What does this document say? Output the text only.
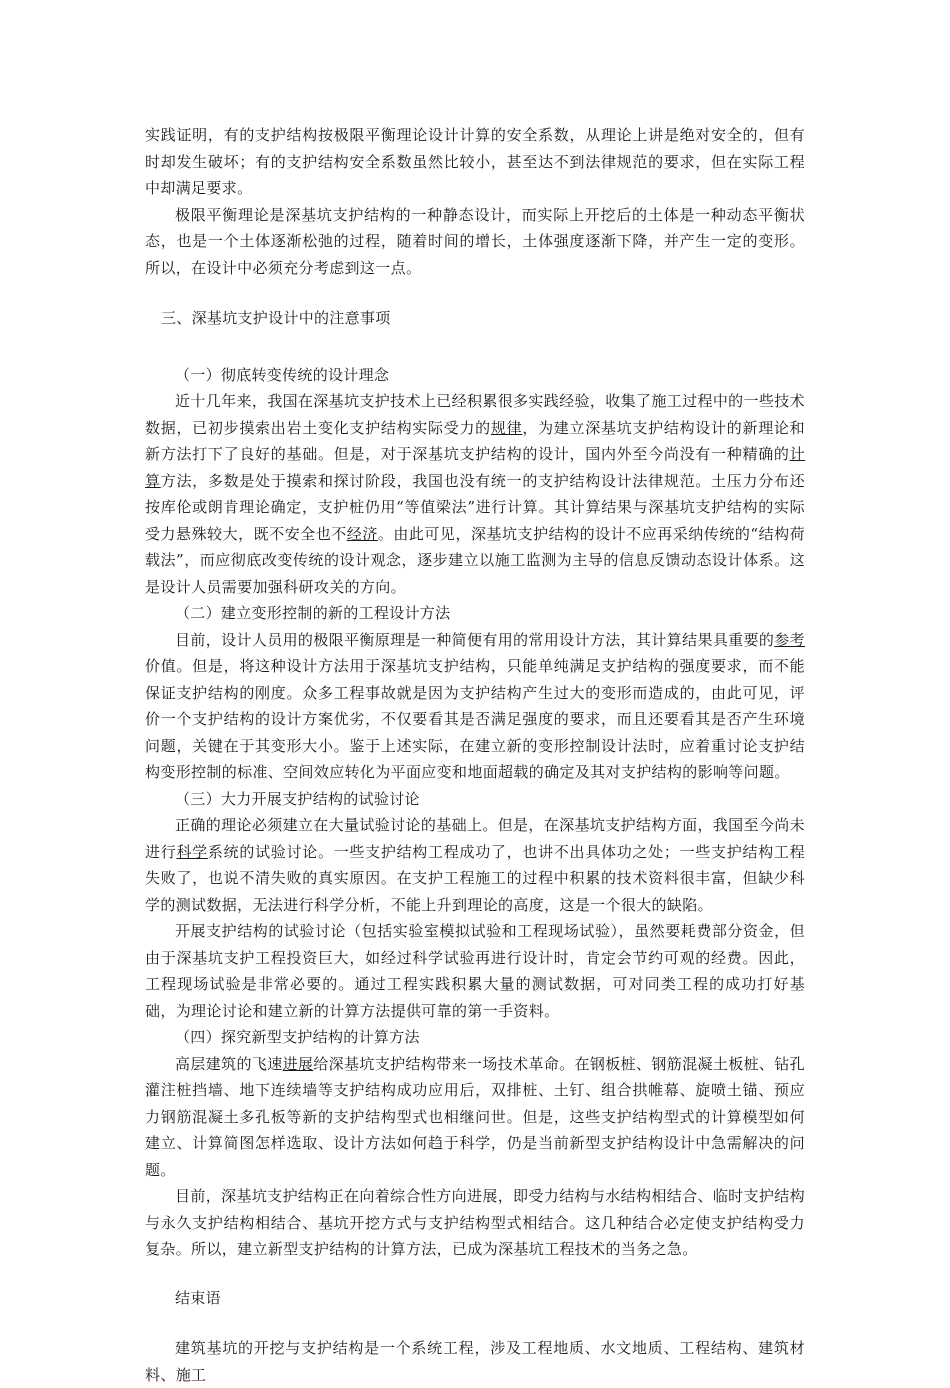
实践证明，有的支护结构按极限平衡理论设计计算的安全系数，从理论上讲是绝对安全的，但有时却发生破坏；有的支护结构安全系数虽然比较小，甚至达不到法律规范的要求，但在实际工程中却满足要求。

极限平衡理论是深基坑支护结构的一种静态设计，而实际上开挖后的土体是一种动态平衡状态，也是一个土体逐渐松弛的过程，随着时间的增长，土体强度逐渐下降，并产生一定的变形。所以，在设计中必须充分考虑到这一点。

三、深基坑支护设计中的注意事项
（一）彻底转变传统的设计理念

近十几年来，我国在深基坑支护技术上已经积累很多实践经验，收集了施工过程中的一些技术数据，已初步摸索出岩土变化支护结构实际受力的规律，为建立深基坑支护结构设计的新理论和新方法打下了良好的基础。但是，对于深基坑支护结构的设计，国内外至今尚没有一种精确的计算方法，多数是处于摸索和探讨阶段，我国也没有统一的支护结构设计法律规范。土压力分布还按库伦或朗肯理论确定，支护桩仍用“等值梁法”进行计算。其计算结果与深基坑支护结构的实际受力悬殊较大，既不安全也不经济。由此可见，深基坑支护结构的设计不应再采纳传统的“结构荷载法”，而应彻底改变传统的设计观念，逐步建立以施工监测为主导的信息反馈动态设计体系。这是设计人员需要加强科研攻关的方向。

（二）建立变形控制的新的工程设计方法

目前，设计人员用的极限平衡原理是一种简便有用的常用设计方法，其计算结果具重要的参考价值。但是，将这种设计方法用于深基坑支护结构，只能单纯满足支护结构的强度要求，而不能保证支护结构的刚度。众多工程事故就是因为支护结构产生过大的变形而造成的，由此可见，评价一个支护结构的设计方案优劣，不仅要看其是否满足强度的要求，而且还要看其是否产生环境问题，关键在于其变形大小。鉴于上述实际，在建立新的变形控制设计法时，应着重讨论支护结构变形控制的标准、空间效应转化为平面应变和地面超载的确定及其对支护结构的影响等问题。

（三）大力开展支护结构的试验讨论

正确的理论必须建立在大量试验讨论的基础上。但是，在深基坑支护结构方面，我国至今尚未进行科学系统的试验讨论。一些支护结构工程成功了，也讲不出具体功之处；一些支护结构工程失败了，也说不清失败的真实原因。在支护工程施工的过程中积累的技术资料很丰富，但缺少科学的测试数据，无法进行科学分析，不能上升到理论的高度，这是一个很大的缺陷。

开展支护结构的试验讨论（包括实验室模拟试验和工程现场试验），虽然要耗费部分资金，但由于深基坑支护工程投资巨大，如经过科学试验再进行设计时，肯定会节约可观的经费。因此，工程现场试验是非常必要的。通过工程实践积累大量的测试数据，可对同类工程的成功打好基础，为理论讨论和建立新的计算方法提供可靠的第一手资料。

（四）探究新型支护结构的计算方法

高层建筑的飞速进展给深基坑支护结构带来一场技术革命。在钢板桩、钢筋混凝土板桩、钻孔灌注桩挡墙、地下连续墙等支护结构成功应用后，双排桩、土钉、组合拱帷幕、旋喷土锚、预应力钢筋混凝土多孔板等新的支护结构型式也相继问世。但是，这些支护结构型式的计算模型如何建立、计算简图怎样选取、设计方法如何趋于科学，仍是当前新型支护结构设计中急需解决的问题。

目前，深基坑支护结构正在向着综合性方向进展，即受力结构与水结构相结合、临时支护结构与永久支护结构相结合、基坑开挖方式与支护结构型式相结合。这几种结合必定使支护结构受力复杂。所以，建立新型支护结构的计算方法，已成为深基坑工程技术的当务之急。

结束语

建筑基坑的开挖与支护结构是一个系统工程，涉及工程地质、水文地质、工程结构、建筑材料、施工
